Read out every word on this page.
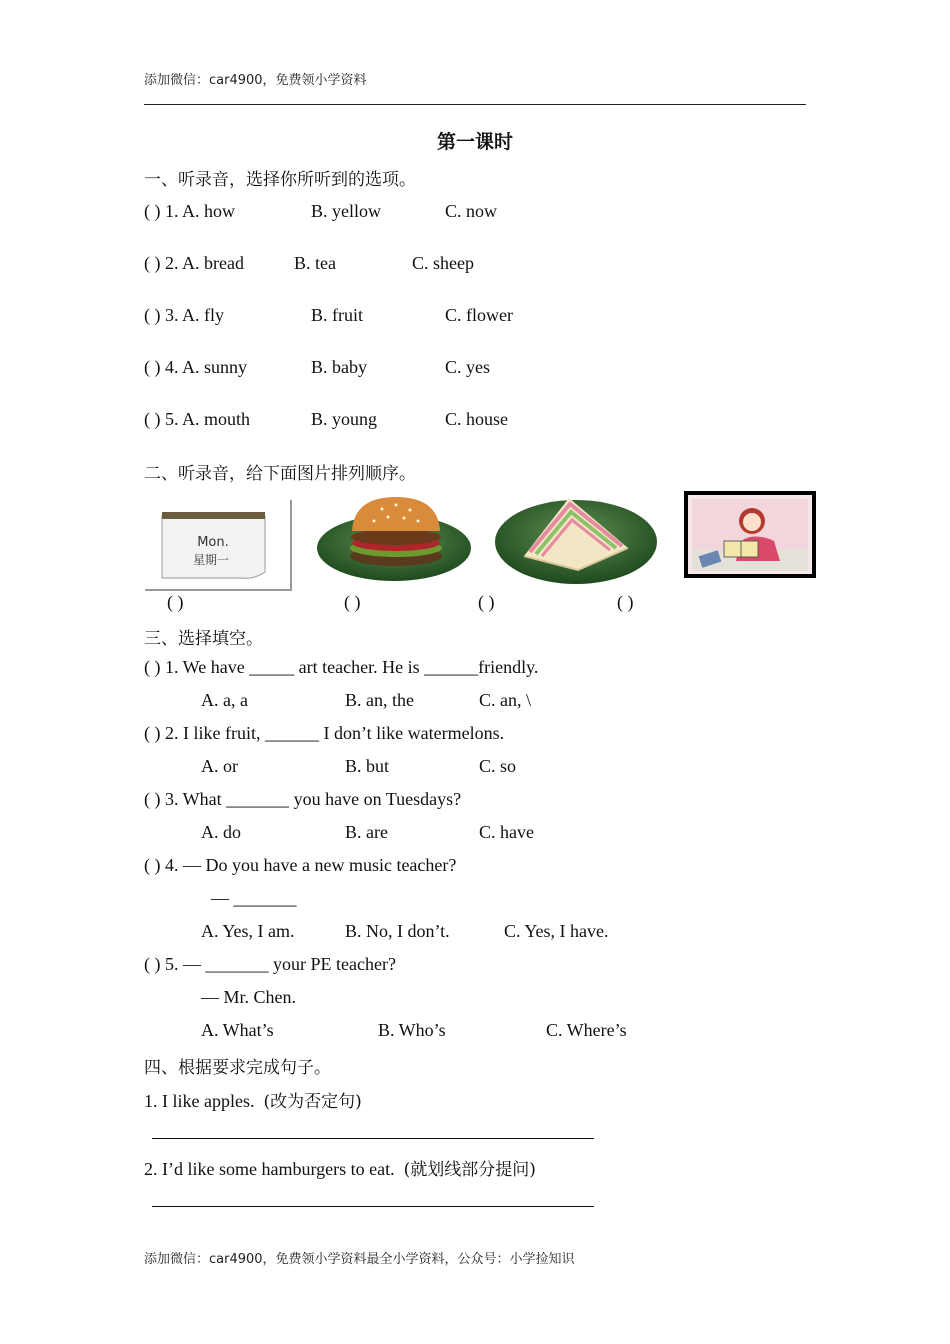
添加微信：car4900，免费领小学资料
第一课时
一、听录音，选择你所听到的选项。
( ) 1. A. how	B. yellow	C. now
( ) 2. A. bread	B. tea	C. sheep
( ) 3. A. fly	B. fruit	C. flower
( ) 4. A. sunny	B. baby	C. yes
( ) 5. A. mouth	B. young	C. house
二、听录音，给下面图片排列顺序。
Mon.
星期一
( )	( )	( )	( )
三、选择填空。
( ) 1. We have _____ art teacher. He is ______friendly.
A. a, a	B. an, the	C. an, \
( ) 2. I like fruit, ______ I don’t like watermelons.
A. or	B. but	C. so
( ) 3. What _______ you have on Tuesdays?
A. do	B. are	C. have
( ) 4. — Do you have a new music teacher?
— _______
A. Yes, I am.	B. No, I don’t.	C. Yes, I have.
( ) 5. — _______ your PE teacher?
— Mr. Chen.
A. What’s	B. Who’s	C. Where’s
四、根据要求完成句子。
1. I like apples. (改为否定句)
2. I’d like some hamburgers to eat. (就划线部分提问)
添加微信：car4900，免费领小学资料最全小学资料，公众号：小学捡知识
